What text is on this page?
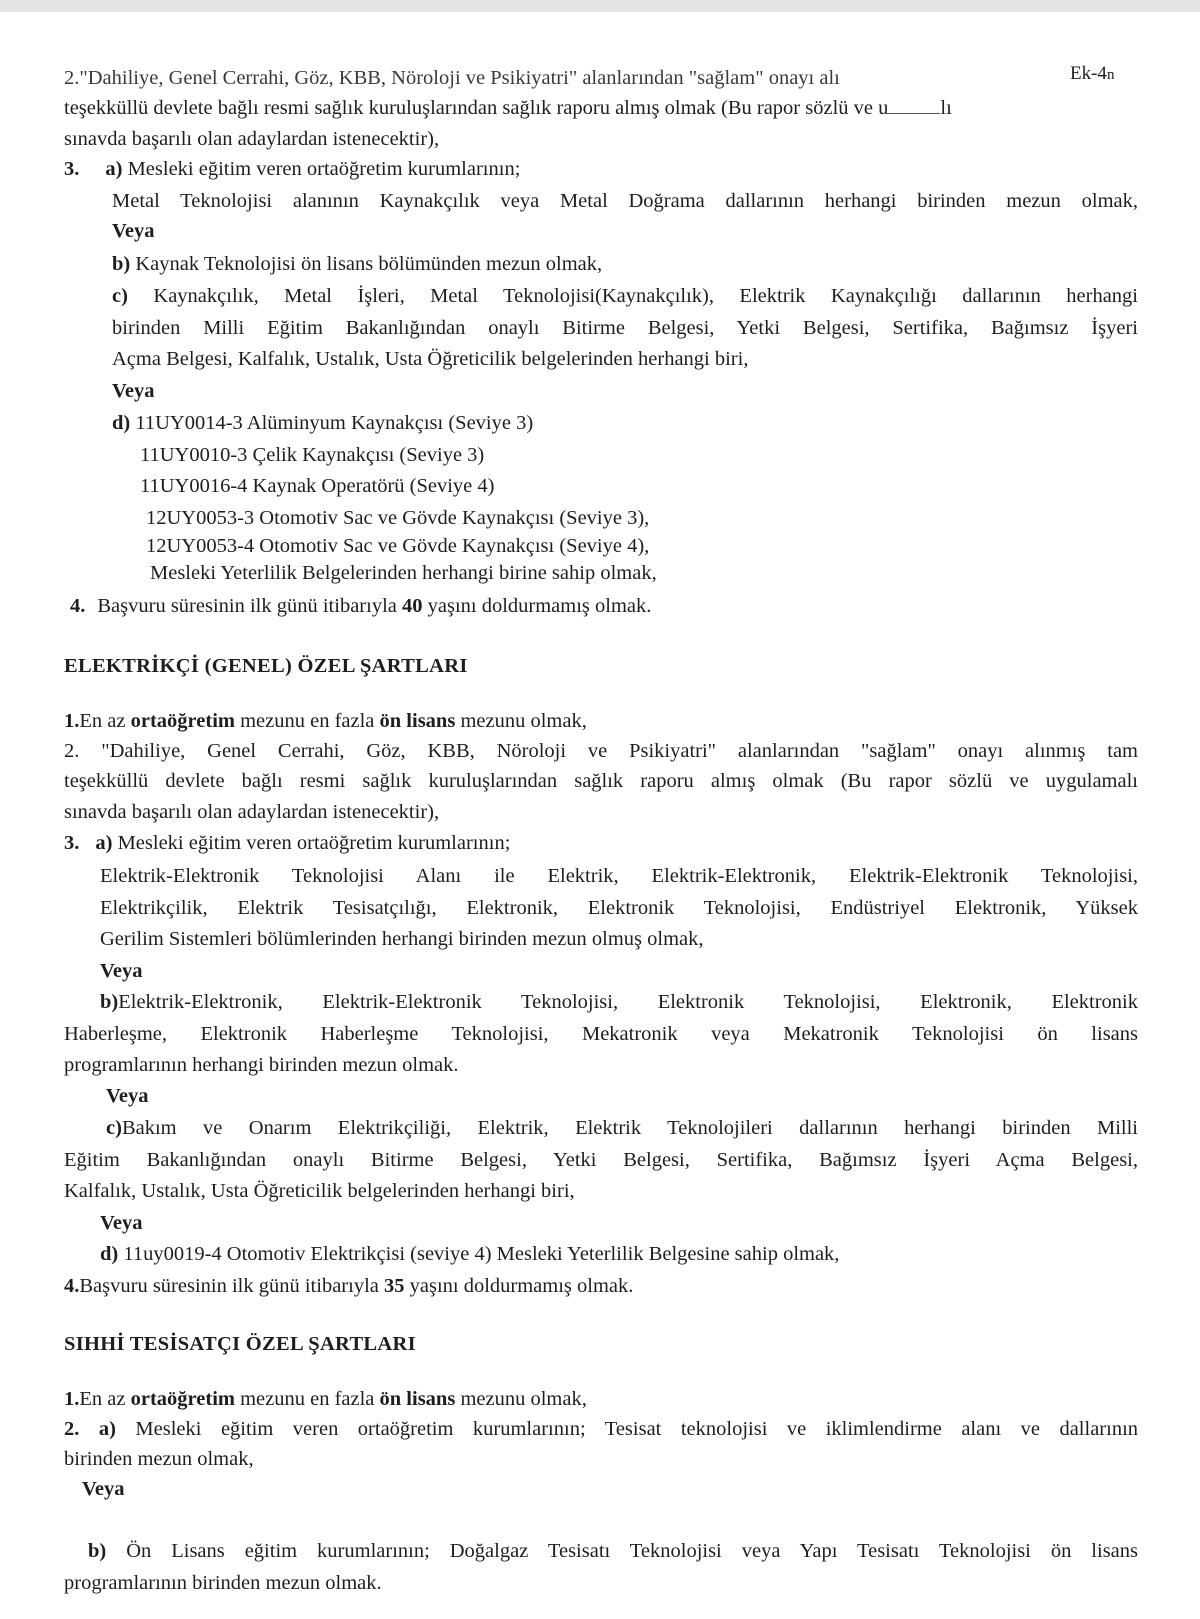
Ek-4n
2."Dahiliye, Genel Cerrahi, Göz, KBB, Nöroloji ve Psikiyatri" alanlarından "sağlam" onayı alı
teşekküllü devlete bağlı resmi sağlık kuruluşlarından sağlık raporu almış olmak (Bu rapor sözlü ve u	lı
sınavda başarılı olan adaylardan istenecektir),
3. a) Mesleki eğitim veren ortaöğretim kurumlarının;
Metal Teknolojisi alanının Kaynakçılık veya Metal Doğrama dallarının herhangi birinden mezun olmak,
Veya
b) Kaynak Teknolojisi ön lisans bölümünden mezun olmak,
c) Kaynakçılık, Metal İşleri, Metal Teknolojisi(Kaynakçılık), Elektrik Kaynakçılığı dallarının herhangi
birinden Milli Eğitim Bakanlığından onaylı Bitirme Belgesi, Yetki Belgesi, Sertifika, Bağımsız İşyeri
Açma Belgesi, Kalfalık, Ustalık, Usta Öğreticilik belgelerinden herhangi biri,
Veya
d) 11UY0014-3 Alüminyum Kaynakçısı (Seviye 3)
11UY0010-3 Çelik Kaynakçısı (Seviye 3)
11UY0016-4 Kaynak Operatörü (Seviye 4)
12UY0053-3 Otomotiv Sac ve Gövde Kaynakçısı (Seviye 3),
12UY0053-4 Otomotiv Sac ve Gövde Kaynakçısı (Seviye 4),
Mesleki Yeterlilik Belgelerinden herhangi birine sahip olmak,
4. Başvuru süresinin ilk günü itibarıyla 40 yaşını doldurmamış olmak.
ELEKTRİKÇİ (GENEL) ÖZEL ŞARTLARI
1.En az ortaöğretim mezunu en fazla ön lisans mezunu olmak,
2. "Dahiliye, Genel Cerrahi, Göz, KBB, Nöroloji ve Psikiyatri" alanlarından "sağlam" onayı alınmış tam
teşekküllü devlete bağlı resmi sağlık kuruluşlarından sağlık raporu almış olmak (Bu rapor sözlü ve uygulamalı
sınavda başarılı olan adaylardan istenecektir),
3. a) Mesleki eğitim veren ortaöğretim kurumlarının;
Elektrik-Elektronik Teknolojisi Alanı ile Elektrik, Elektrik-Elektronik, Elektrik-Elektronik Teknolojisi,
Elektrikçilik, Elektrik Tesisatçılığı, Elektronik, Elektronik Teknolojisi, Endüstriyel Elektronik, Yüksek
Gerilim Sistemleri bölümlerinden herhangi birinden mezun olmuş olmak,
Veya
b)Elektrik-Elektronik, Elektrik-Elektronik Teknolojisi, Elektronik Teknolojisi, Elektronik, Elektronik
Haberleşme, Elektronik Haberleşme Teknolojisi, Mekatronik veya Mekatronik Teknolojisi ön lisans
programlarının herhangi birinden mezun olmak.
Veya
c)Bakım ve Onarım Elektrikçiliği, Elektrik, Elektrik Teknolojileri dallarının herhangi birinden Milli
Eğitim Bakanlığından onaylı Bitirme Belgesi, Yetki Belgesi, Sertifika, Bağımsız İşyeri Açma Belgesi,
Kalfalık, Ustalık, Usta Öğreticilik belgelerinden herhangi biri,
Veya
d) 11uy0019-4 Otomotiv Elektrikçisi (seviye 4) Mesleki Yeterlilik Belgesine sahip olmak,
4.Başvuru süresinin ilk günü itibarıyla 35 yaşını doldurmamış olmak.
SIHHİ TESİSATÇI ÖZEL ŞARTLARI
1.En az ortaöğretim mezunu en fazla ön lisans mezunu olmak,
2. a) Mesleki eğitim veren ortaöğretim kurumlarının; Tesisat teknolojisi ve iklimlendirme alanı ve dallarının
birinden mezun olmak,
Veya
b) Ön Lisans eğitim kurumlarının; Doğalgaz Tesisatı Teknolojisi veya Yapı Tesisatı Teknolojisi ön lisans
programlarının birinden mezun olmak.
